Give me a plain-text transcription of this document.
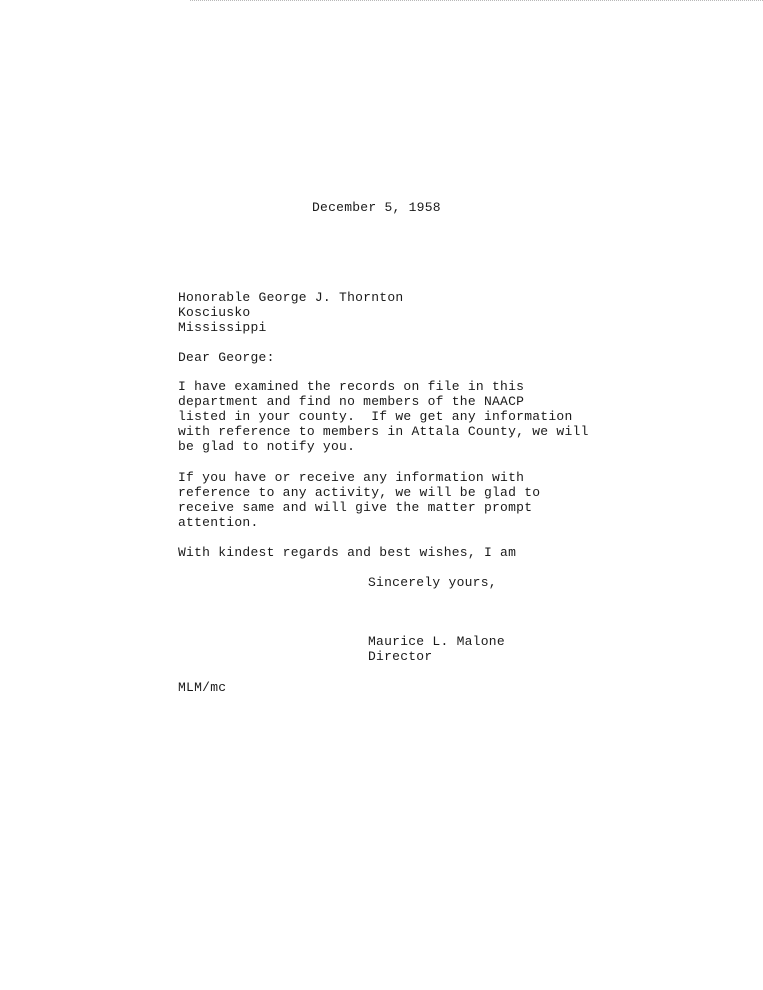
December 5, 1958
Honorable George J. Thornton
Kosciusko
Mississippi
Dear George:
I have examined the records on file in this
department and find no members of the NAACP
listed in your county.  If we get any information
with reference to members in Attala County, we will
be glad to notify you.
If you have or receive any information with
reference to any activity, we will be glad to
receive same and will give the matter prompt
attention.
With kindest regards and best wishes, I am
Sincerely yours,
Maurice L. Malone
Director
MLM/mc
